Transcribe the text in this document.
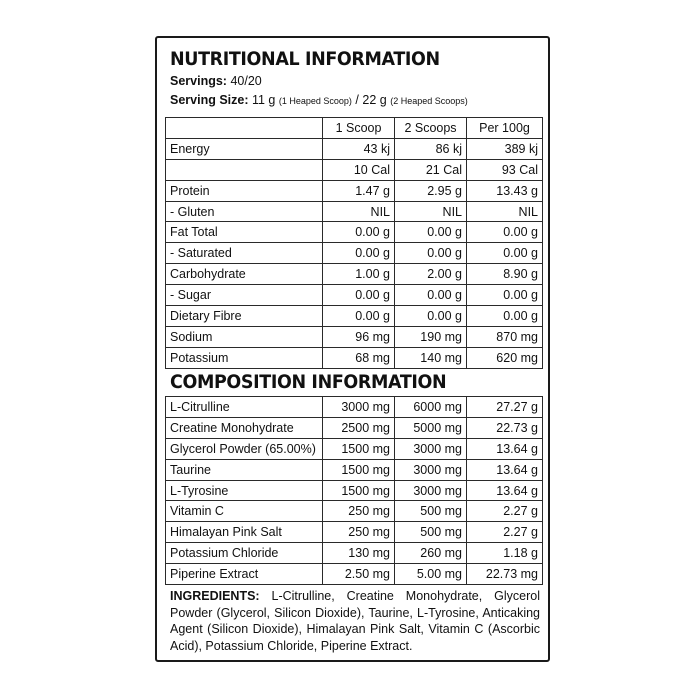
NUTRITIONAL INFORMATION
Servings: 40/20
Serving Size: 11 g (1 Heaped Scoop) / 22 g (2 Heaped Scoops)
	1 Scoop	2 Scoops	Per 100g
Energy	43 kj	86 kj	389 kj
	10 Cal	21 Cal	93 Cal
Protein	1.47 g	2.95 g	13.43 g
- Gluten	NIL	NIL	NIL
Fat Total	0.00 g	0.00 g	0.00 g
- Saturated	0.00 g	0.00 g	0.00 g
Carbohydrate	1.00 g	2.00 g	8.90 g
- Sugar	0.00 g	0.00 g	0.00 g
Dietary Fibre	0.00 g	0.00 g	0.00 g
Sodium	96 mg	190 mg	870 mg
Potassium	68 mg	140 mg	620 mg
COMPOSITION INFORMATION
L-Citrulline	3000 mg	6000 mg	27.27 g
Creatine Monohydrate	2500 mg	5000 mg	22.73 g
Glycerol Powder (65.00%)	1500 mg	3000 mg	13.64 g
Taurine	1500 mg	3000 mg	13.64 g
L-Tyrosine	1500 mg	3000 mg	13.64 g
Vitamin C	250 mg	500 mg	2.27 g
Himalayan Pink Salt	250 mg	500 mg	2.27 g
Potassium Chloride	130 mg	260 mg	1.18 g
Piperine Extract	2.50 mg	5.00 mg	22.73 mg
INGREDIENTS: L-Citrulline, Creatine Monohydrate, Glycerol Powder (Glycerol, Silicon Dioxide), Taurine, L-Tyrosine, Anticaking Agent (Silicon Dioxide), Himalayan Pink Salt, Vitamin C (Ascorbic Acid), Potassium Chloride, Piperine Extract.
